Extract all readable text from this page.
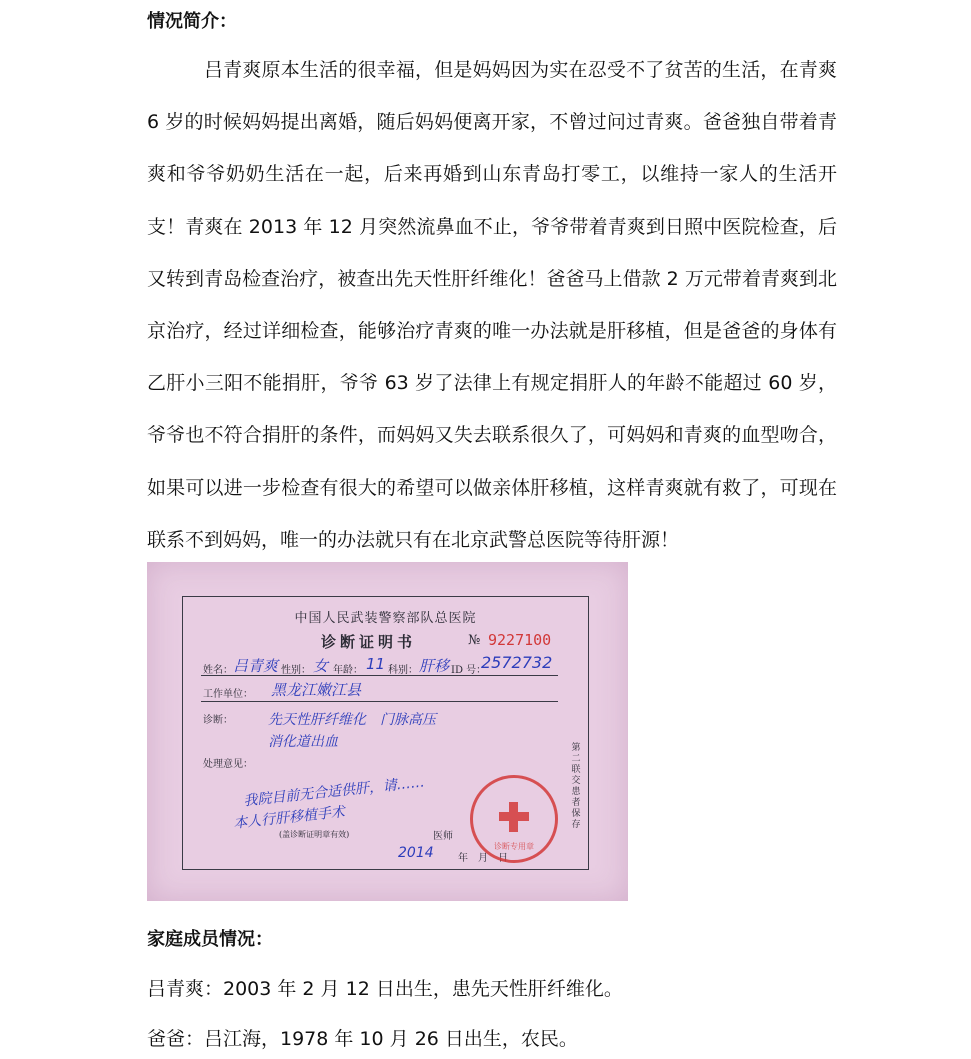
情况简介：

吕青爽原本生活的很幸福，但是妈妈因为实在忍受不了贫苦的生活，在青爽 6 岁的时候妈妈提出离婚，随后妈妈便离开家，不曾过问过青爽。爸爸独自带着青爽和爷爷奶奶生活在一起，后来再婚到山东青岛打零工，以维持一家人的生活开支！青爽在 2013 年 12 月突然流鼻血不止，爷爷带着青爽到日照中医院检查，后又转到青岛检查治疗，被查出先天性肝纤维化！爸爸马上借款 2 万元带着青爽到北京治疗，经过详细检查，能够治疗青爽的唯一办法就是肝移植，但是爸爸的身体有乙肝小三阳不能捐肝，爷爷 63 岁了法律上有规定捐肝人的年龄不能超过 60 岁，爷爷也不符合捐肝的条件，而妈妈又失去联系很久了，可妈妈和青爽的血型吻合，如果可以进一步检查有很大的希望可以做亲体肝移植，这样青爽就有救了，可现在联系不到妈妈，唯一的办法就只有在北京武警总医院等待肝源！

中国人民武装警察部队总医院
诊断证明书	№ 9227100
姓名： 吕青爽 性别： 女 年龄： 11 科别： 肝移 ID 号：
2572732
工作单位： 黑龙江嫩江县
诊断：	先天性肝纤维化　门脉高压
消化道出血
处理意见：
我院目前无合适供肝，请……
本人行肝移植手术
(盖诊断证明章有效)	医师
2014 年　月　日
第二联　交患者保存
诊断专用章
家庭成员情况：

吕青爽：2003 年 2 月 12 日出生，患先天性肝纤维化。

爸爸：吕江海，1978 年 10 月 26 日出生，农民。
